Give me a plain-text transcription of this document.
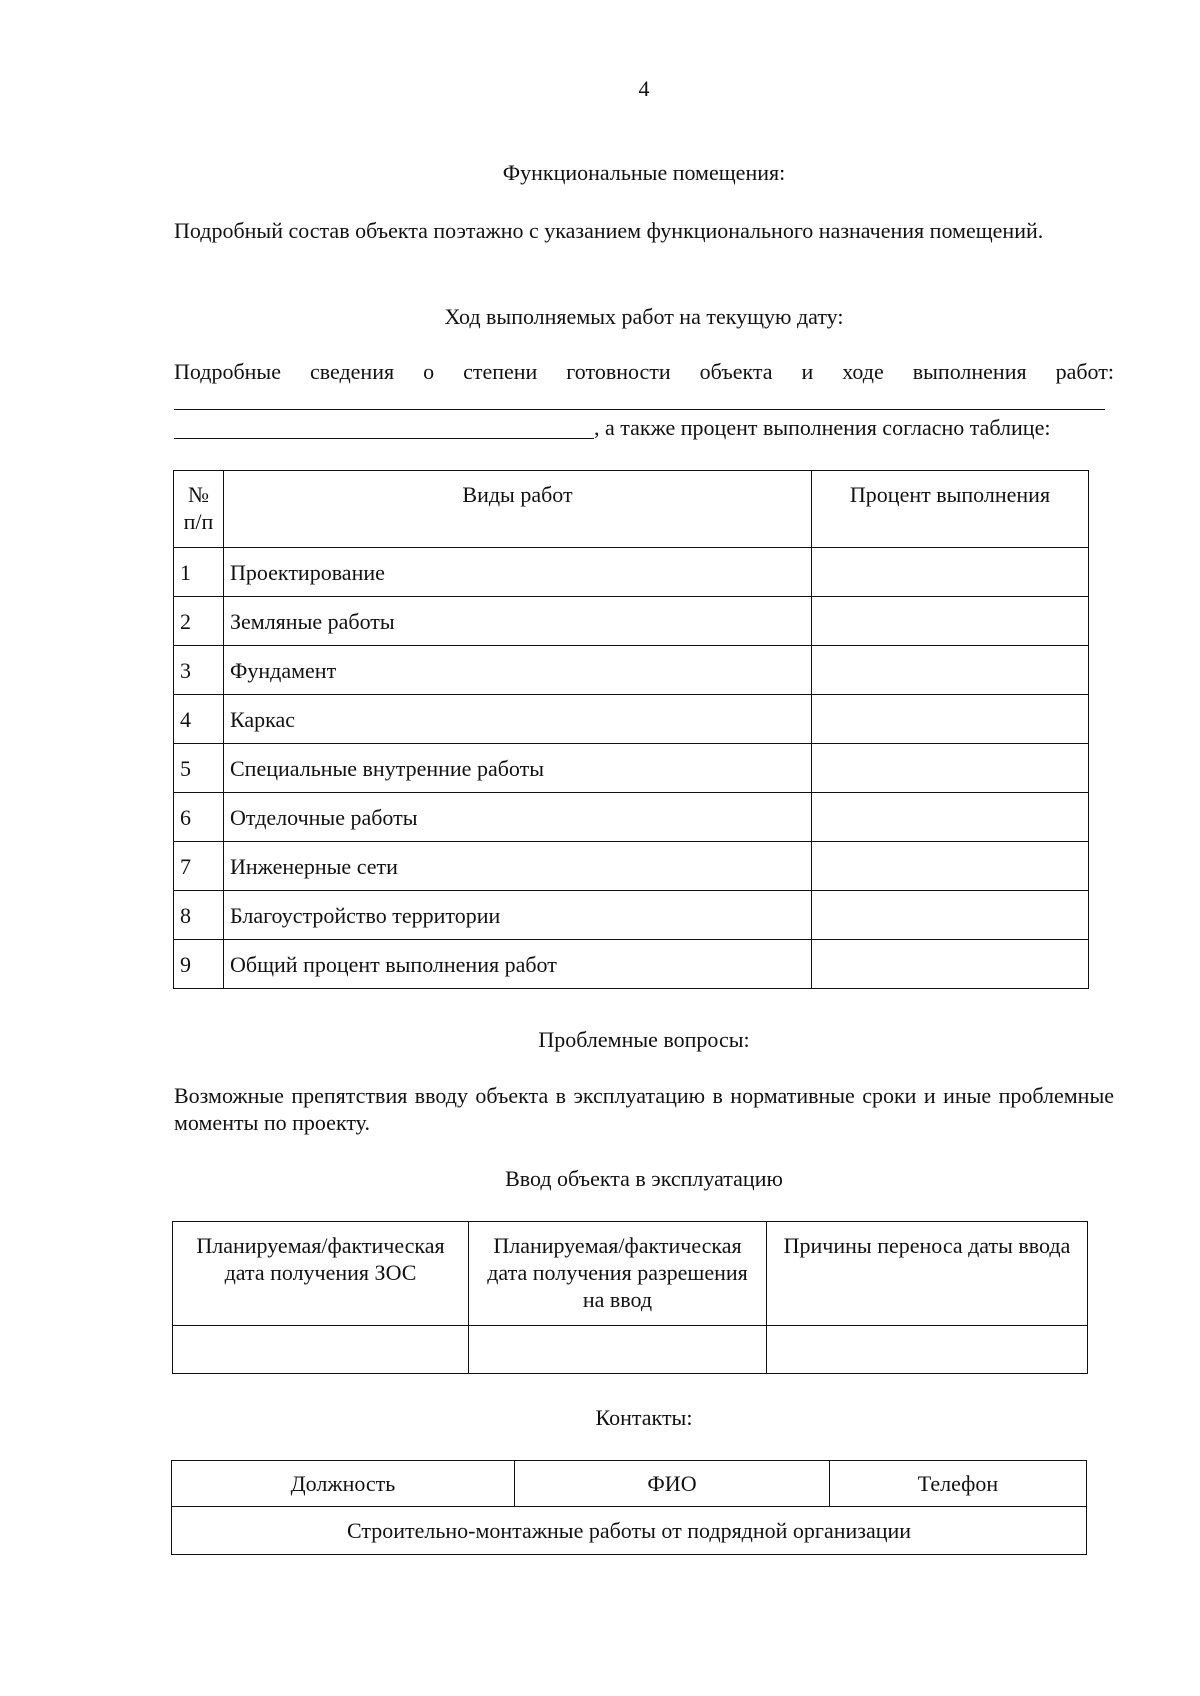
4
Функциональные помещения:
Подробный состав объекта поэтажно с указанием функционального назначения помещений.
Ход выполняемых работ на текущую дату:
Подробные сведения о степени готовности объекта и ходе выполнения работ:
, а также процент выполнения согласно таблице:
№ п/п	Виды работ	Процент выполнения
1	Проектирование	
2	Земляные работы	
3	Фундамент	
4	Каркас	
5	Специальные внутренние работы	
6	Отделочные работы	
7	Инженерные сети	
8	Благоустройство территории	
9	Общий процент выполнения работ	
Проблемные вопросы:
Возможные препятствия вводу объекта в эксплуатацию в нормативные сроки и иные проблемные моменты по проекту.
Ввод объекта в эксплуатацию
Планируемая/фактическая дата получения ЗОС	Планируемая/фактическая дата получения разрешения на ввод	Причины переноса даты ввода

Контакты:
Должность	ФИО	Телефон
Строительно-монтажные работы от подрядной организации
